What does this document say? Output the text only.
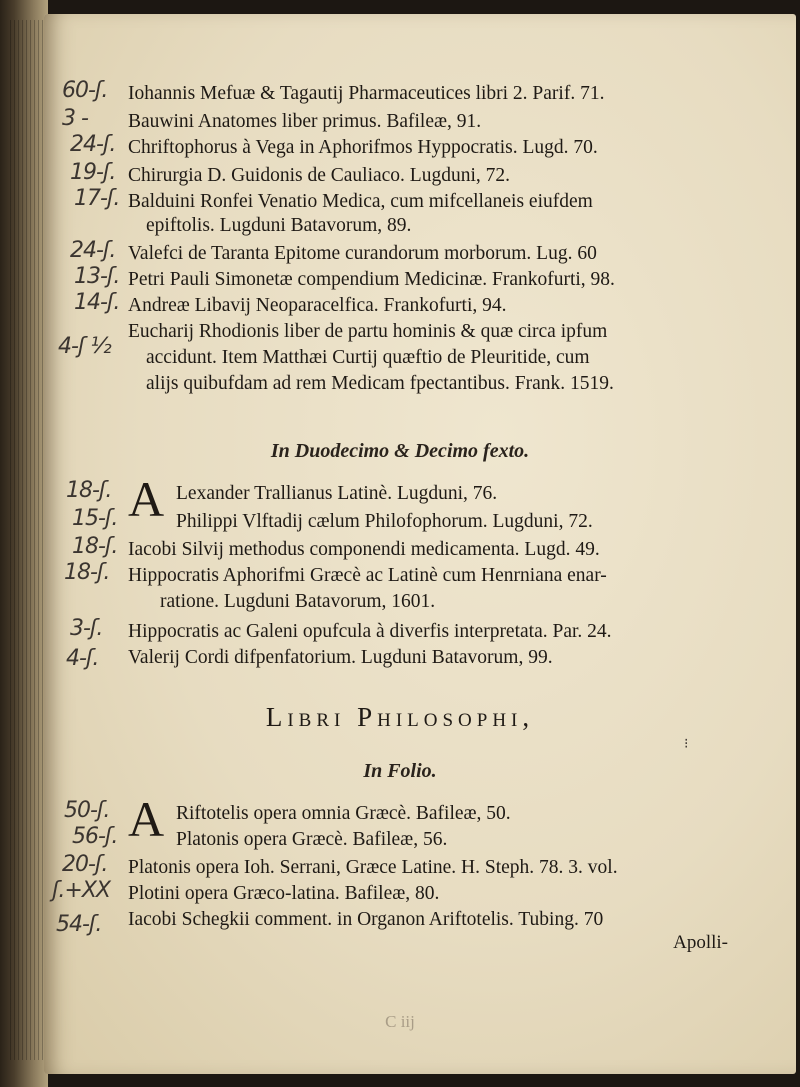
60-ʃ. Iohannis Mefuæ & Tagautij Pharmaceutices libri 2. Parif. 71.
3 - Bauwini Anatomes liber primus. Bafileæ, 91.
24-ʃ. Chriftophorus à Vega in Aphorifmos Hyppocratis. Lugd. 70.
19-ʃ. Chirurgia D. Guidonis de Cauliaco. Lugduni, 72.
17-ʃ. Balduini Ronfei Venatio Medica, cum mifcellaneis eiufdem
epiftolis. Lugduni Batavorum, 89.
24-ʃ. Valefci de Taranta Epitome curandorum morborum. Lug. 60
13-ʃ. Petri Pauli Simonetæ compendium Medicinæ. Frankofurti, 98.
14-ʃ. Andreæ Libavij Neoparacelfica. Frankofurti, 94.
4-ʃ ½
Eucharij Rhodionis liber de partu hominis & quæ circa ipfum
accidunt. Item Matthæi Curtij quæftio de Pleuritide, cum
alijs quibufdam ad rem Medicam fpectantibus. Frank. 1519.
In Duodecimo & Decimo fexto.
18-ʃ. A Lexander Trallianus Latinè. Lugduni, 76.
15-ʃ.	Philippi Vlftadij cælum Philofophorum. Lugduni, 72.
18-ʃ. Iacobi Silvij methodus componendi medicamenta. Lugd. 49.
18-ʃ. Hippocratis Aphorifmi Græcè ac Latinè cum Henrniana enar-
ratione. Lugduni Batavorum, 1601.
3-ʃ. Hippocratis ac Galeni opufcula à diverfis interpretata. Par. 24.
4-ʃ. Valerij Cordi difpenfatorium. Lugduni Batavorum, 99.
Libri Philosophi,
⁝
In Folio.
50-ʃ. A Riftotelis opera omnia Græcè. Bafileæ, 50.
56-ʃ.	Platonis opera Græcè. Bafileæ, 56.
20-ʃ. Platonis opera Ioh. Serrani, Græce Latine. H. Steph. 78. 3. vol.
ʃ.+XX Plotini opera Græco-latina. Bafileæ, 80.
54-ʃ. Iacobi Schegkii comment. in Organon Ariftotelis. Tubing. 70
Apolli-
C iij
